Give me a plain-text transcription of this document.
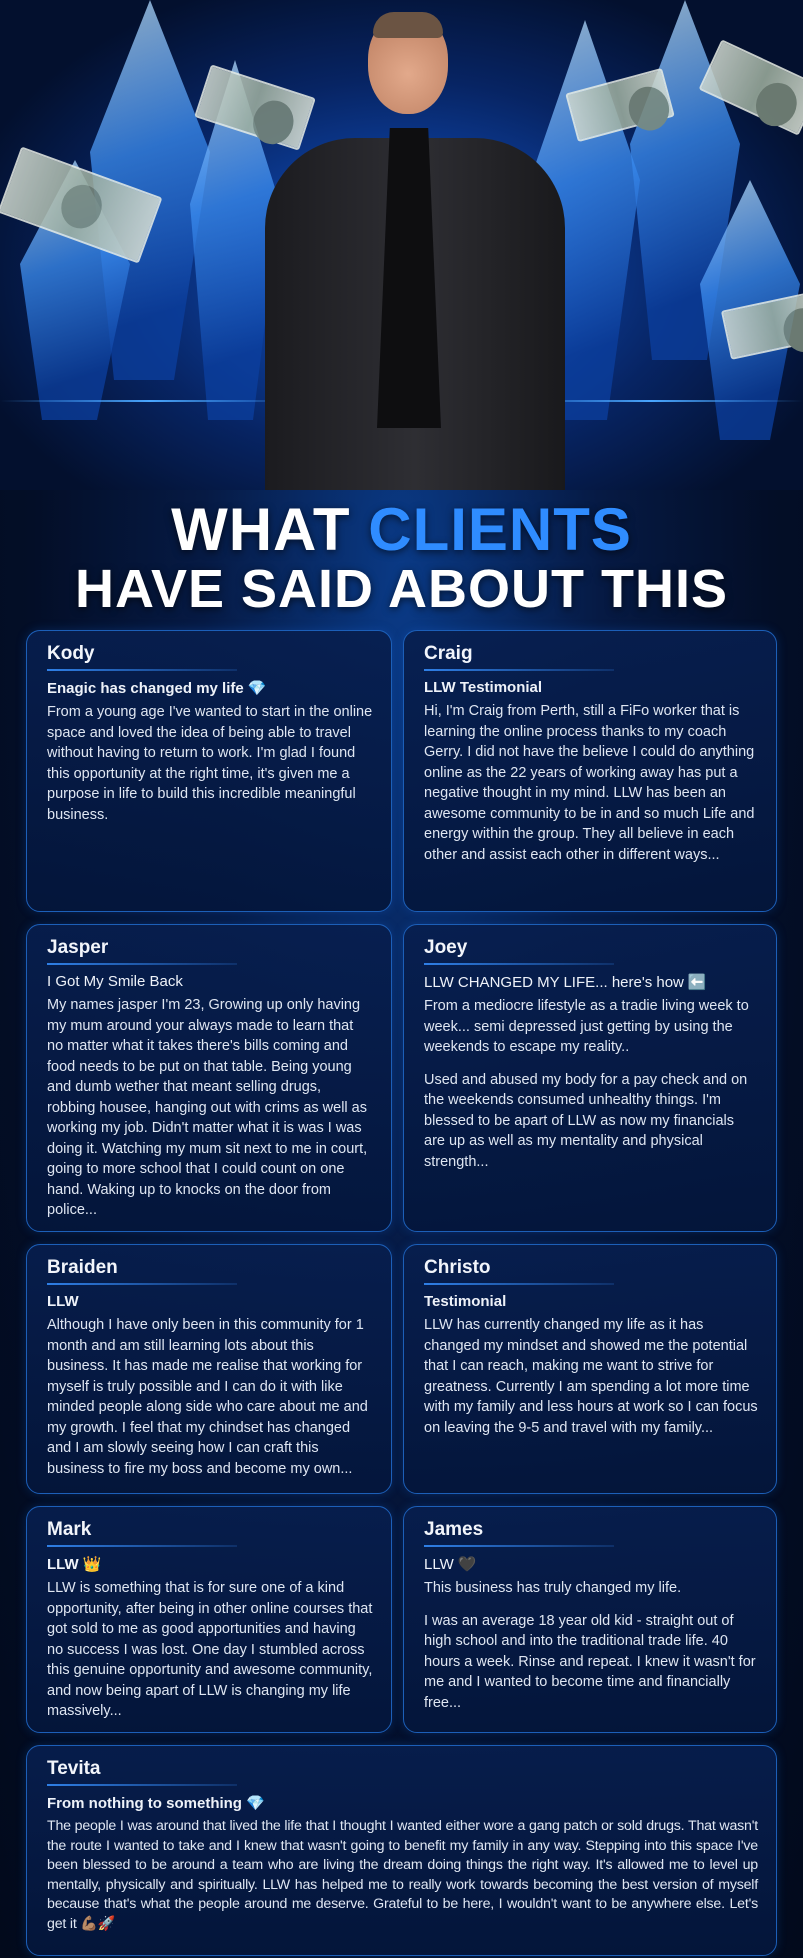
WHAT CLIENTS
HAVE SAID ABOUT THIS
Kody
Enagic has changed my life 💎
From a young age I've wanted to start in the online space and loved the idea of being able to travel without having to return to work. I'm glad I found this opportunity at the right time, it's given me a purpose in life to build this incredible meaningful business.
Craig
LLW Testimonial
Hi, I'm Craig from Perth, still a FiFo worker that is learning the online process thanks to my coach Gerry. I did not have the believe I could do anything online as the 22 years of working away has put a negative thought in my mind. LLW has been an awesome community to be in and so much Life and energy within the group. They all believe in each other and assist each other in different ways...
Jasper
I Got My Smile Back
My names jasper I'm 23, Growing up only having my mum around your always made to learn that no matter what it takes there's bills coming and food needs to be put on that table. Being young and dumb wether that meant selling drugs, robbing housee, hanging out with crims as well as working my job. Didn't matter what it is was I was doing it. Watching my mum sit next to me in court, going to more school that I could count on one hand. Waking up to knocks on the door from police...
Joey
LLW CHANGED MY LIFE... here's how ⬅️
From a mediocre lifestyle as a tradie living week to week... semi depressed just getting by using the weekends to escape my reality..
Used and abused my body for a pay check and on the weekends consumed unhealthy things. I'm blessed to be apart of LLW as now my financials are up as well as my mentality and physical strength...
Braiden
LLW
Although I have only been in this community for 1 month and am still learning lots about this business. It has made me realise that working for myself is truly possible and I can do it with like minded people along side who care about me and my growth. I feel that my chindset has changed and I am slowly seeing how I can craft this business to fire my boss and become my own...
Christo
Testimonial
LLW has currently changed my life as it has changed my mindset and showed me the potential that I can reach, making me want to strive for greatness. Currently I am spending a lot more time with my family and less hours at work so I can focus on leaving the 9-5 and travel with my family...
Mark
LLW 👑
LLW is something that is for sure one of a kind opportunity, after being in other online courses that got sold to me as good apportunities and having no success I was lost. One day I stumbled across this genuine opportunity and awesome community, and now being apart of LLW is changing my life massively...
James
LLW 🖤
This business has truly changed my life.
I was an average 18 year old kid - straight out of high school and into the traditional trade life. 40 hours a week. Rinse and repeat. I knew it wasn't for me and I wanted to become time and financially free...
Tevita
From nothing to something 💎
The people I was around that lived the life that I thought I wanted either wore a gang patch or sold drugs. That wasn't the route I wanted to take and I knew that wasn't going to benefit my family in any way. Stepping into this space I've been blessed to be around a team who are living the dream doing things the right way. It's allowed me to level up mentally, physically and spiritually. LLW has helped me to really work towards becoming the best version of myself because that's what the people around me deserve. Grateful to be here, I wouldn't want to be anywhere else. Let's get it 💪🏽🚀
